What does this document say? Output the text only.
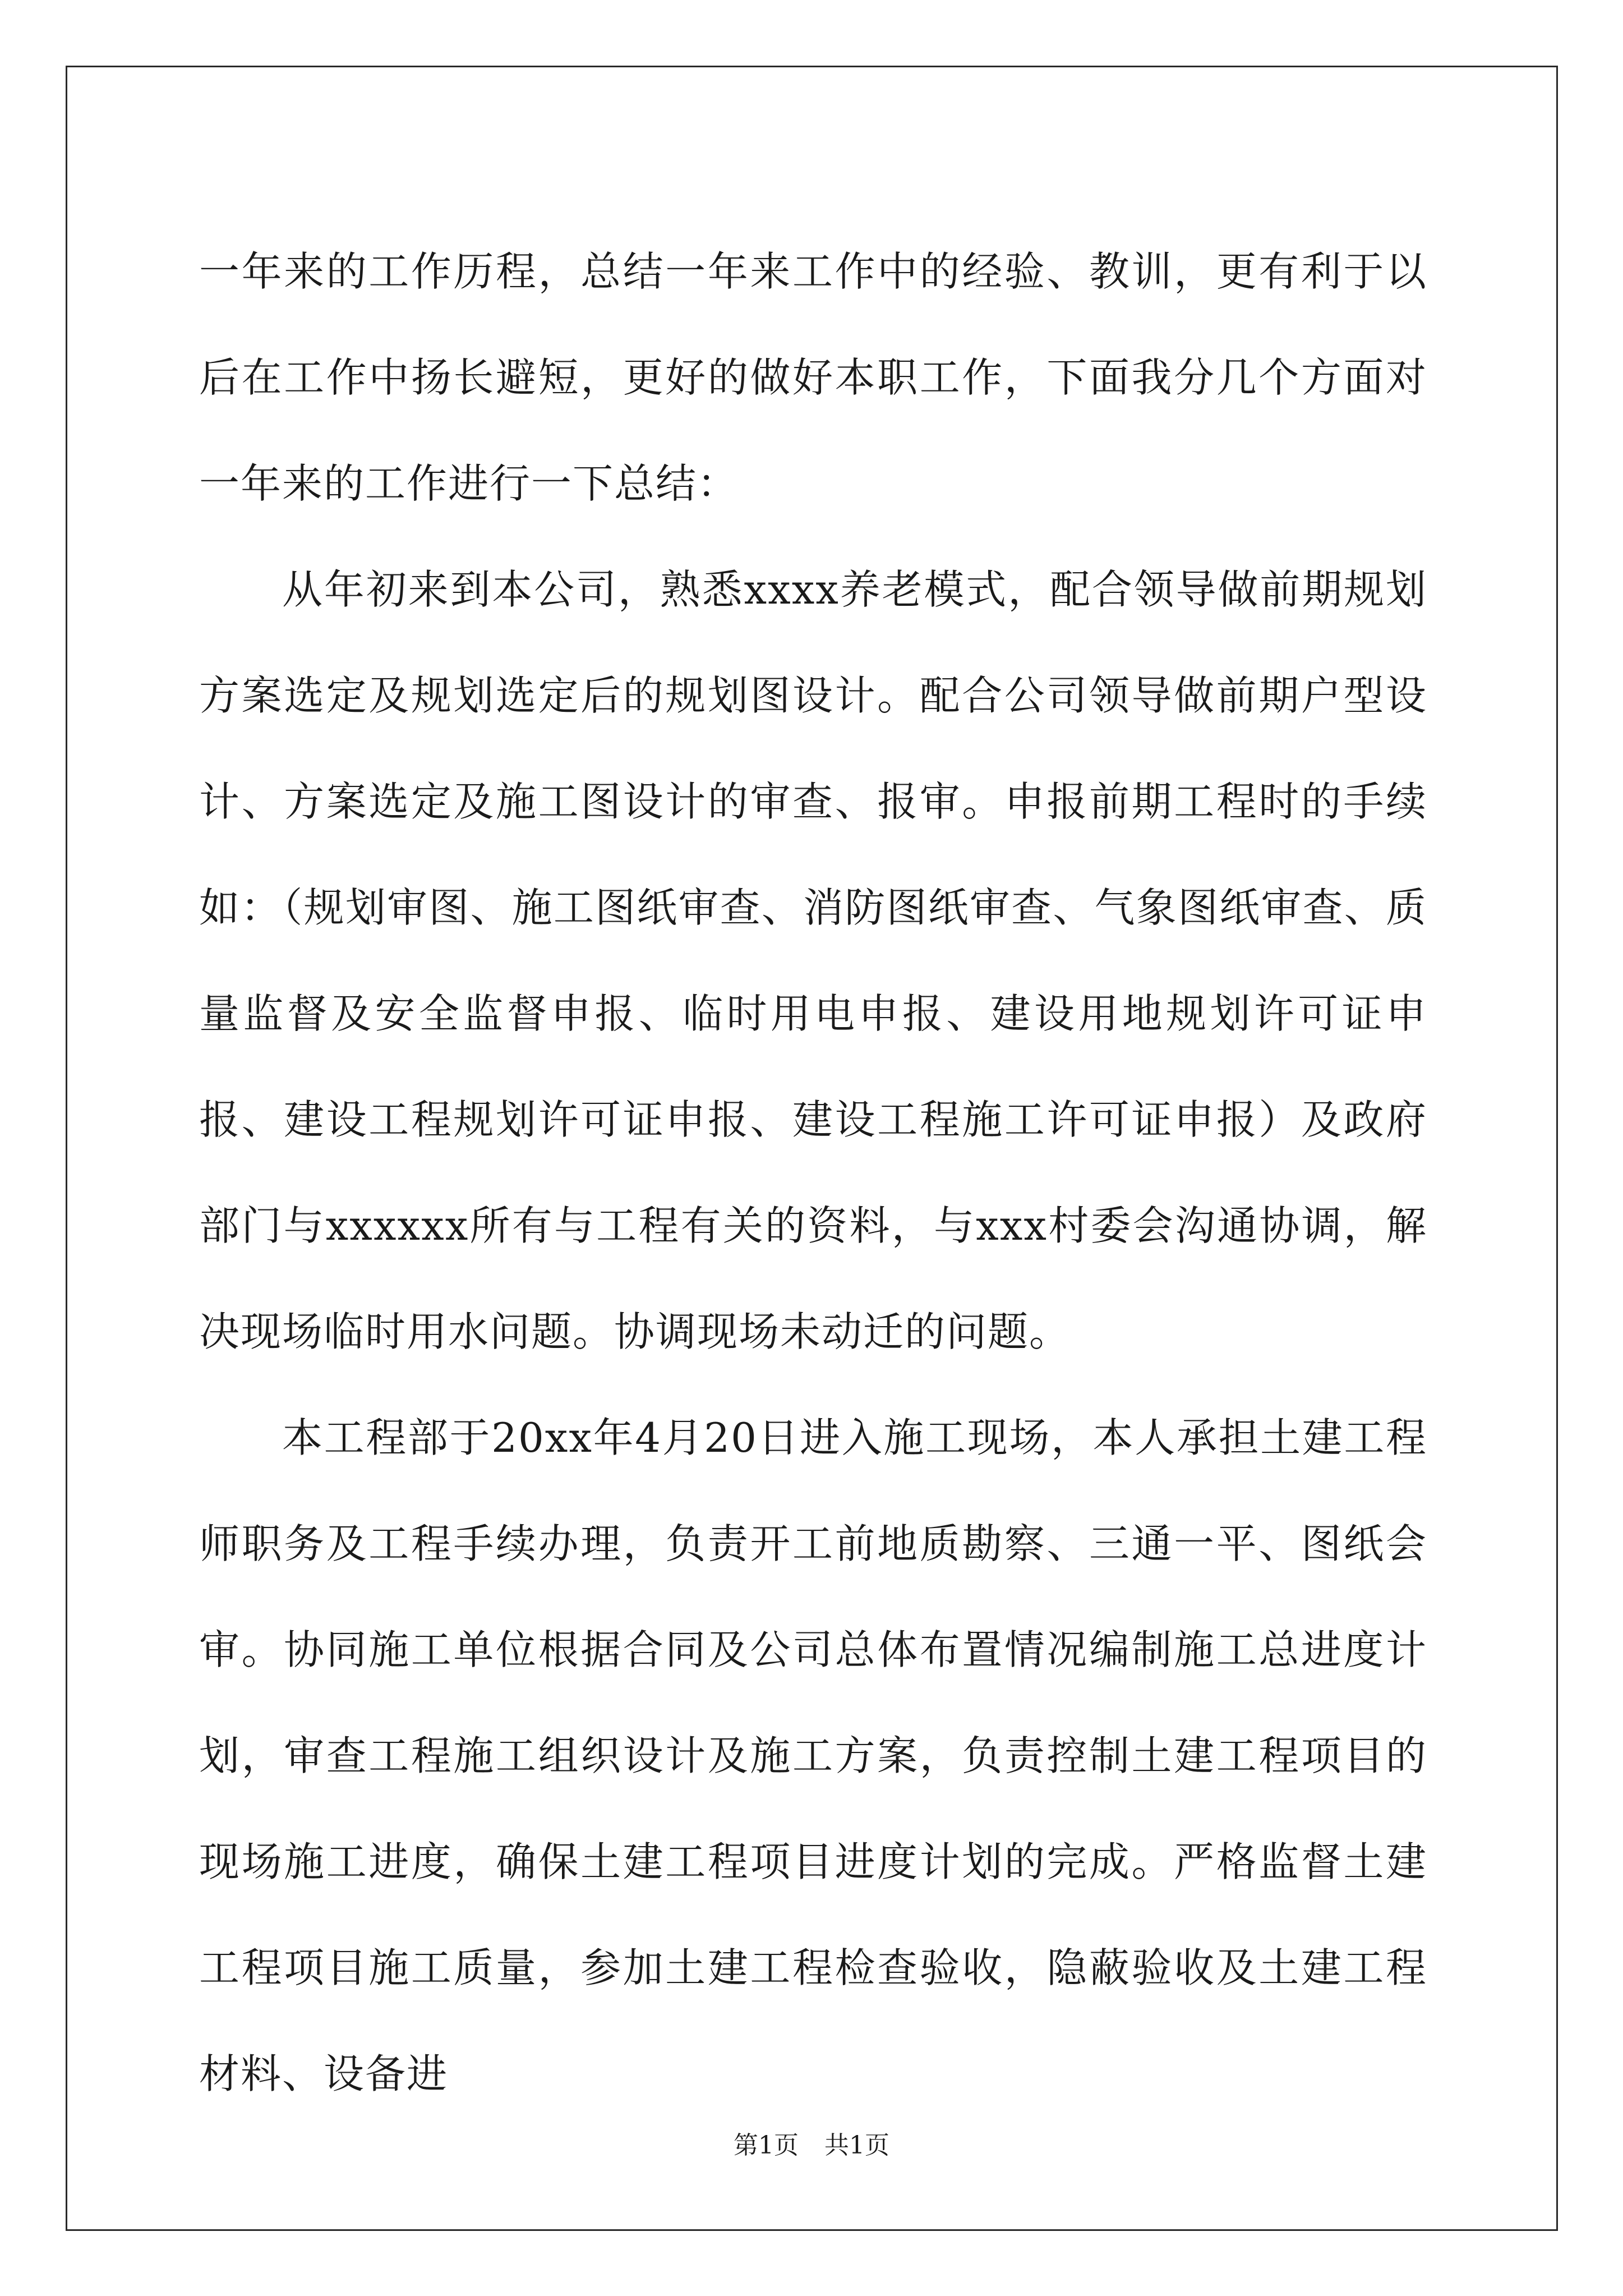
一年来的工作历程，总结一年来工作中的经验、教训，更有利于以后在工作中扬长避短，更好的做好本职工作，下面我分几个方面对一年来的工作进行一下总结：

从年初来到本公司，熟悉xxxx养老模式，配合领导做前期规划方案选定及规划选定后的规划图设计。配合公司领导做前期户型设计、方案选定及施工图设计的审查、报审。申报前期工程时的手续如：（规划审图、施工图纸审查、消防图纸审查、气象图纸审查、质量监督及安全监督申报、临时用电申报、建设用地规划许可证申报、建设工程规划许可证申报、建设工程施工许可证申报）及政府部门与xxxxxx所有与工程有关的资料，与xxx村委会沟通协调，解决现场临时用水问题。协调现场未动迁的问题。

本工程部于20xx年4月20日进入施工现场，本人承担土建工程师职务及工程手续办理，负责开工前地质勘察、三通一平、图纸会审。协同施工单位根据合同及公司总体布置情况编制施工总进度计划，审查工程施工组织设计及施工方案，负责控制土建工程项目的现场施工进度，确保土建工程项目进度计划的完成。严格监督土建工程项目施工质量，参加土建工程检查验收，隐蔽验收及土建工程材料、设备进

第1页 共1页
